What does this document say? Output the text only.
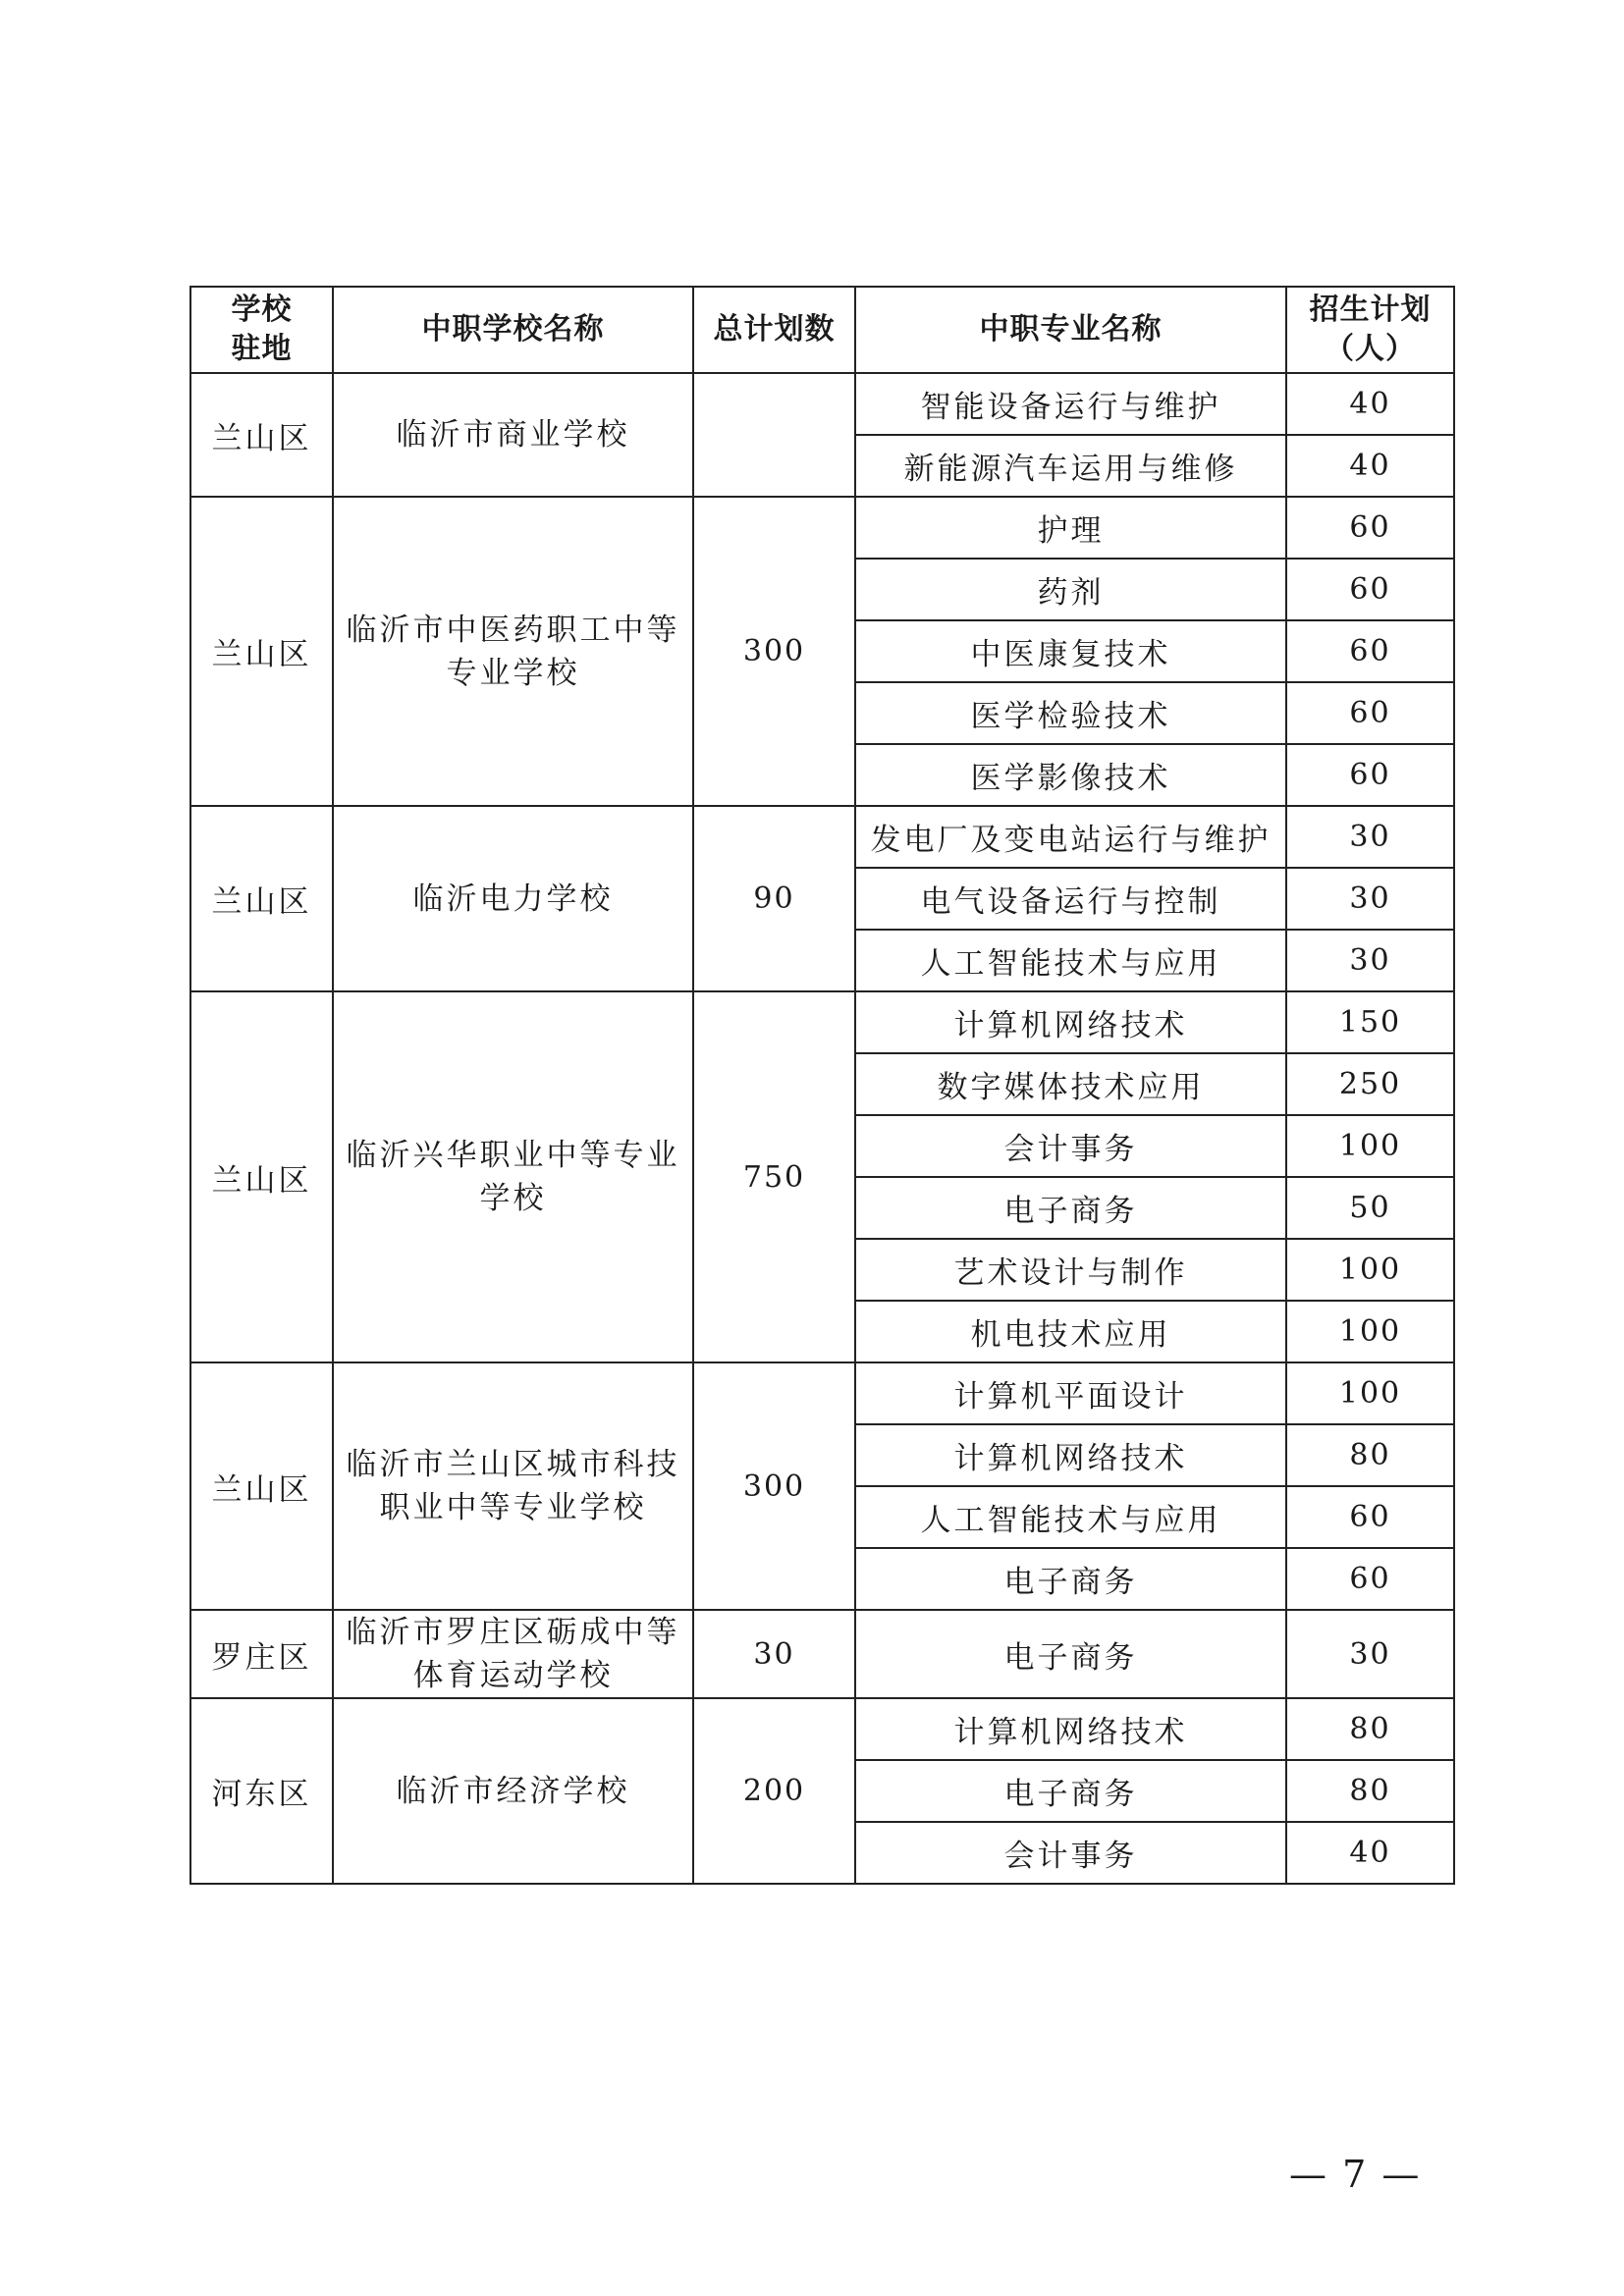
学校驻地	中职学校名称	总计划数	中职专业名称	招生计划（人）
兰山区	临沂市商业学校		智能设备运行与维护	40
			新能源汽车运用与维修	40
兰山区	临沂市中医药职工中等专业学校	300	护理	60
			药剂	60
			中医康复技术	60
			医学检验技术	60
			医学影像技术	60
兰山区	临沂电力学校	90	发电厂及变电站运行与维护	30
			电气设备运行与控制	30
			人工智能技术与应用	30
兰山区	临沂兴华职业中等专业学校	750	计算机网络技术	150
			数字媒体技术应用	250
			会计事务	100
			电子商务	50
			艺术设计与制作	100
			机电技术应用	100
兰山区	临沂市兰山区城市科技职业中等专业学校	300	计算机平面设计	100
			计算机网络技术	80
			人工智能技术与应用	60
			电子商务	60
罗庄区	临沂市罗庄区砺成中等体育运动学校	30	电子商务	30
河东区	临沂市经济学校	200	计算机网络技术	80
			电子商务	80
			会计事务	40
— 7 —
